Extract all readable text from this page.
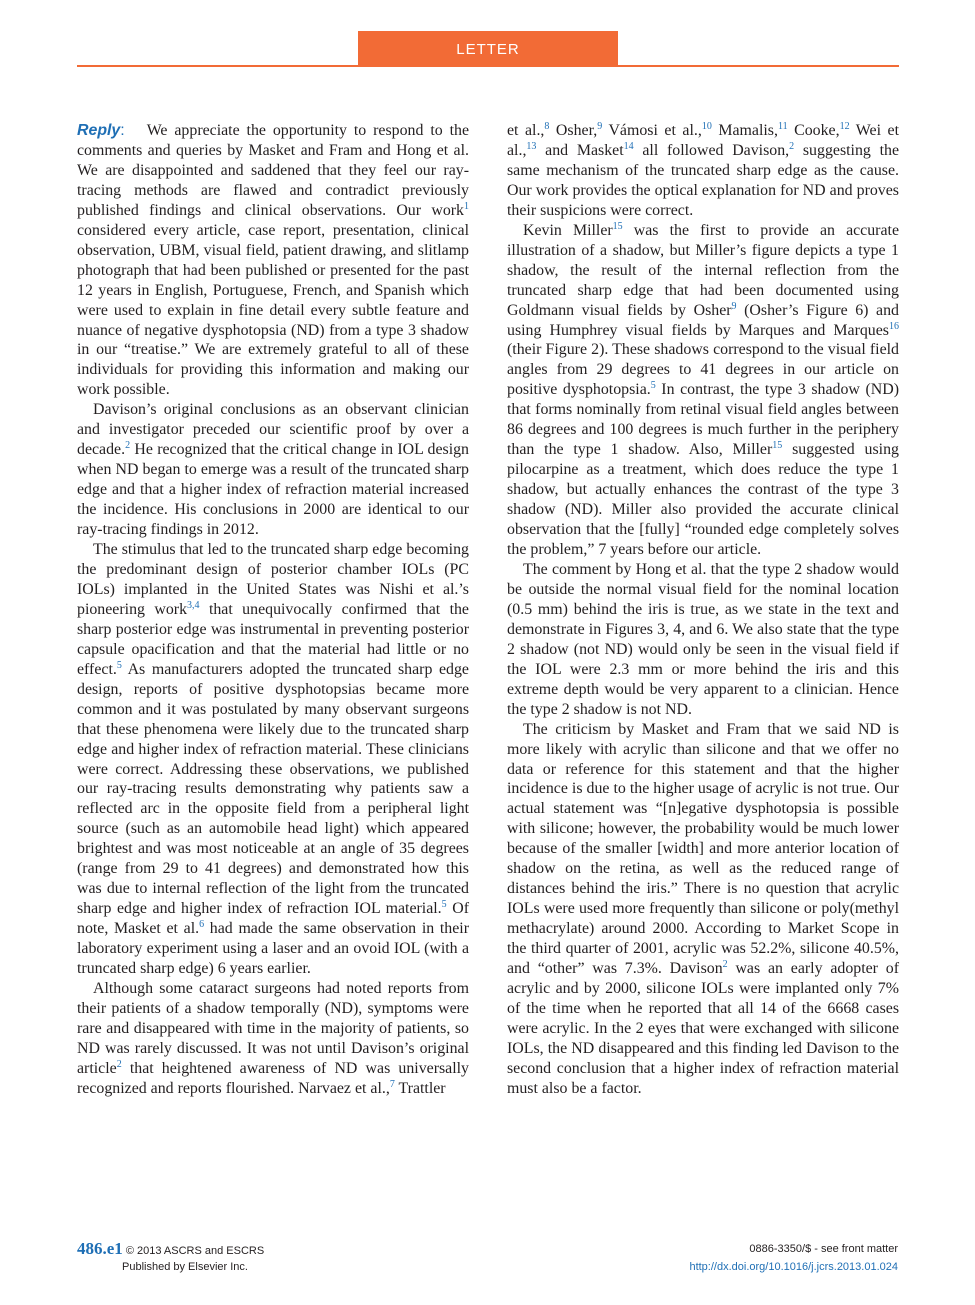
LETTER

Reply: We appreciate the opportunity to respond to the comments and queries by Masket and Fram and Hong et al. We are disappointed and saddened that they feel our ray-tracing methods are flawed and contradict previously published findings and clinical observations. Our work$^1$ considered every article, case report, presentation, clinical observation, UBM, visual field, patient drawing, and slitlamp photograph that had been published or presented for the past 12 years in English, Portuguese, French, and Spanish which were used to explain in fine detail every subtle feature and nuance of negative dysphotopsia (ND) from a type 3 shadow in our “treatise.” We are extremely grateful to all of these individuals for providing this information and making our work possible.

Davison’s original conclusions as an observant clinician and investigator preceded our scientific proof by over a decade.$^2$ He recognized that the critical change in IOL design when ND began to emerge was a result of the truncated sharp edge and that a higher index of refraction material increased the incidence. His conclusions in 2000 are identical to our ray-tracing findings in 2012.

The stimulus that led to the truncated sharp edge becoming the predominant design of posterior chamber IOLs (PC IOLs) implanted in the United States was Nishi et al.’s pioneering work$^{3,4}$ that unequivocally confirmed that the sharp posterior edge was instrumental in preventing posterior capsule opacification and that the material had little or no effect.$^5$ As manufacturers adopted the truncated sharp edge design, reports of positive dysphotopsias became more common and it was postulated by many observant surgeons that these phenomena were likely due to the truncated sharp edge and higher index of refraction material. These clinicians were correct. Addressing these observations, we published our ray-tracing results demonstrating why patients saw a reflected arc in the opposite field from a peripheral light source (such as an automobile head light) which appeared brightest and was most noticeable at an angle of 35 degrees (range from 29 to 41 degrees) and demonstrated how this was due to internal reflection of the light from the truncated sharp edge and higher index of refraction IOL material.$^5$ Of note, Masket et al.$^6$ had made the same observation in their laboratory experiment using a laser and an ovoid IOL (with a truncated sharp edge) 6 years earlier.

Although some cataract surgeons had noted reports from their patients of a shadow temporally (ND), symptoms were rare and disappeared with time in the majority of patients, so ND was rarely discussed. It was not until Davison’s original article$^2$ that heightened awareness of ND was universally recognized and reports flourished. Narvaez et al.,$^7$ Trattler

et al.,$^8$ Osher,$^9$ Vámosi et al.,$^{10}$ Mamalis,$^{11}$ Cooke,$^{12}$ Wei et al.,$^{13}$ and Masket$^{14}$ all followed Davison,$^2$ suggesting the same mechanism of the truncated sharp edge as the cause. Our work provides the optical explanation for ND and proves their suspicions were correct.

Kevin Miller$^{15}$ was the first to provide an accurate illustration of a shadow, but Miller’s figure depicts a type 1 shadow, the result of the internal reflection from the truncated sharp edge that had been documented using Goldmann visual fields by Osher$^9$ (Osher’s Figure 6) and using Humphrey visual fields by Marques and Marques$^{16}$ (their Figure 2). These shadows correspond to the visual field angles from 29 degrees to 41 degrees in our article on positive dysphotopsia.$^5$ In contrast, the type 3 shadow (ND) that forms nominally from retinal visual field angles between 86 degrees and 100 degrees is much further in the periphery than the type 1 shadow. Also, Miller$^{15}$ suggested using pilocarpine as a treatment, which does reduce the type 1 shadow, but actually enhances the contrast of the type 3 shadow (ND). Miller also provided the accurate clinical observation that the [fully] “rounded edge completely solves the problem,” 7 years before our article.

The comment by Hong et al. that the type 2 shadow would be outside the normal visual field for the nominal location (0.5 mm) behind the iris is true, as we state in the text and demonstrate in Figures 3, 4, and 6. We also state that the type 2 shadow (not ND) would only be seen in the visual field if the IOL were 2.3 mm or more behind the iris and this extreme depth would be very apparent to a clinician. Hence the type 2 shadow is not ND.

The criticism by Masket and Fram that we said ND is more likely with acrylic than silicone and that we offer no data or reference for this statement and that the higher incidence is due to the higher usage of acrylic is not true. Our actual statement was “[n]egative dysphotopsia is possible with silicone; however, the probability would be much lower because of the smaller [width] and more anterior location of shadow on the retina, as well as the reduced range of distances behind the iris.” There is no question that acrylic IOLs were used more frequently than silicone or poly(methyl methacrylate) around 2000. According to Market Scope in the third quarter of 2001, acrylic was 52.2%, silicone 40.5%, and “other” was 7.3%. Davison$^2$ was an early adopter of acrylic and by 2000, silicone IOLs were implanted only 7% of the time when he reported that all 14 of the 6668 cases were acrylic. In the 2 eyes that were exchanged with silicone IOLs, the ND disappeared and this finding led Davison to the second conclusion that a higher index of refraction material must also be a factor.

486.e1 © 2013 ASCRS and ESCRS
Published by Elsevier Inc.
0886-3350/$ - see front matter
http://dx.doi.org/10.1016/j.jcrs.2013.01.024
